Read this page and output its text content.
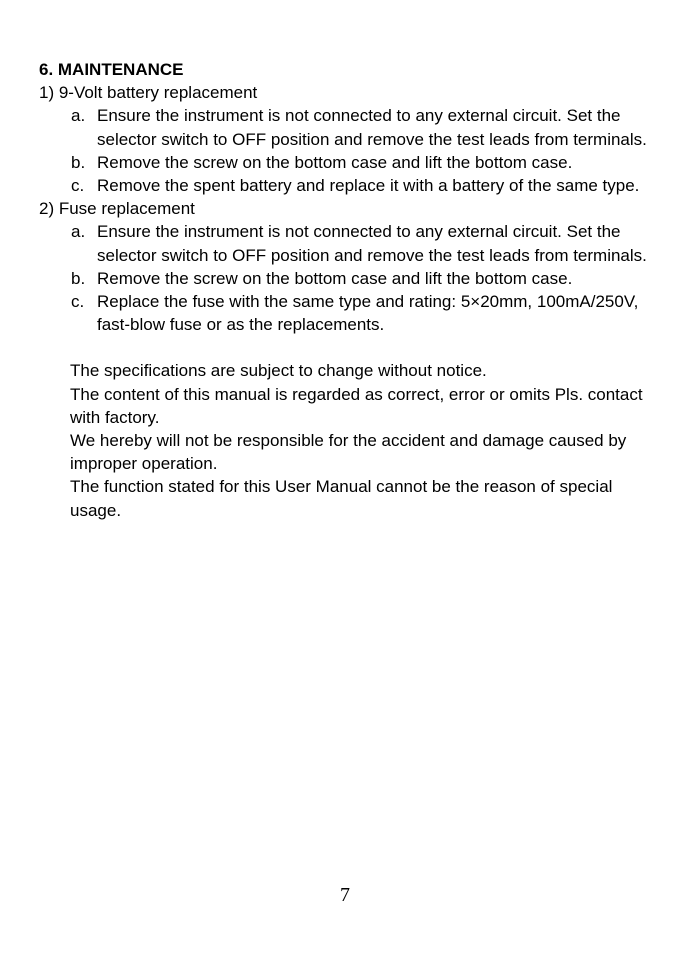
6. MAINTENANCE

1) 9-Volt battery replacement

a. Ensure the instrument is not connected to any external circuit. Set the selector switch to OFF position and remove the test leads from terminals.
b. Remove the screw on the bottom case and lift the bottom case.
c. Remove the spent battery and replace it with a battery of the same type.

2) Fuse replacement

a. Ensure the instrument is not connected to any external circuit. Set the selector switch to OFF position and remove the test leads from terminals.
b. Remove the screw on the bottom case and lift the bottom case.
c. Replace the fuse with the same type and rating: 5×20mm, 100mA/250V, fast-blow fuse or as the replacements.

The specifications are subject to change without notice.

The content of this manual is regarded as correct, error or omits Pls. contact with factory.

We hereby will not be responsible for the accident and damage caused by improper operation.

The function stated for this User Manual cannot be the reason of special usage.

7
